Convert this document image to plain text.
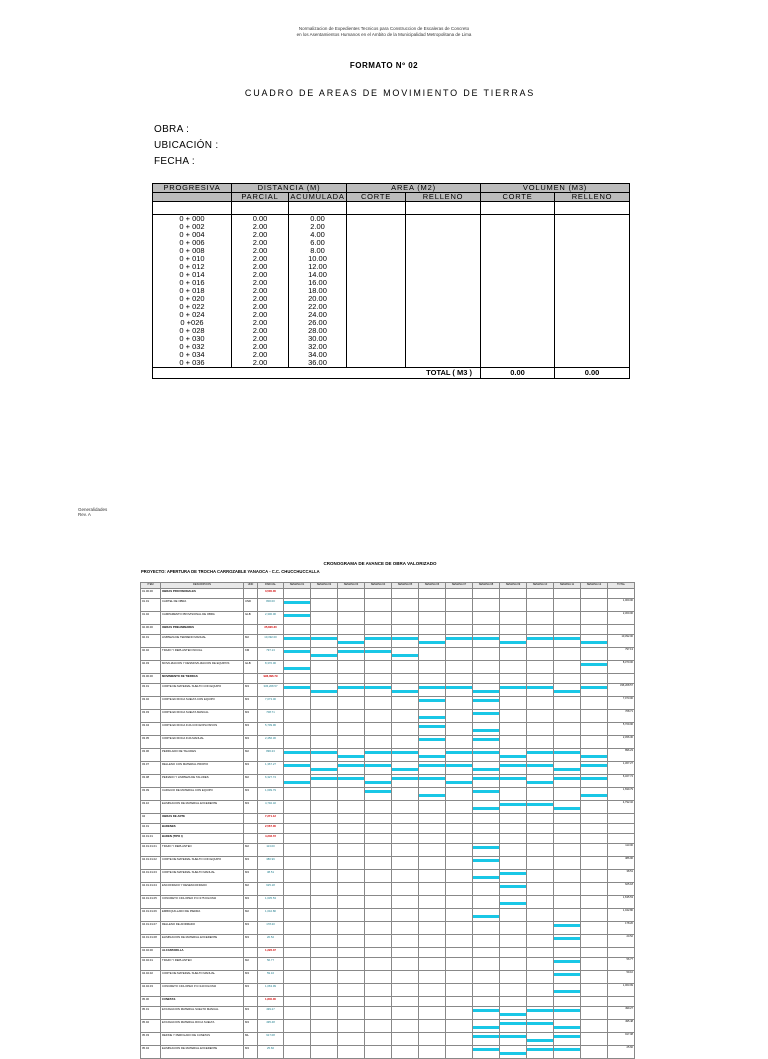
Normalizacion de Expedientes Tecnicos para Construccion de Escaleras de Concreto
en los Asentamientos Humanos en el Ambito de la Municipalidad Metropolitana de Lima
FORMATO Nº 02
CUADRO DE AREAS DE MOVIMIENTO DE TIERRAS
OBRA :
UBICACIÓN :
FECHA :
PROGRESIVA	DISTANCIA (M)		AREA (M2)		VOLUMEN (M3)	
	PARCIAL	ACUMULADA	CORTE	RELLENO	CORTE	RELLENO

0 + 000	0.00	0.00				
0 + 002	2.00	2.00				
0 + 004	2.00	4.00				
0 + 006	2.00	6.00				
0 + 008	2.00	8.00				
0 + 010	2.00	10.00				
0 + 012	2.00	12.00				
0 + 014	2.00	14.00				
0 + 016	2.00	16.00				
0 + 018	2.00	18.00				
0 + 020	2.00	20.00				
0 + 022	2.00	22.00				
0 + 024	2.00	24.00				
0 +026	2.00	26.00				
0 + 028	2.00	28.00				
0 + 030	2.00	30.00				
0 + 032	2.00	32.00				
0 + 034	2.00	34.00				
0 + 036	2.00	36.00				
TOTAL ( M3 )					0.00	0.00
Generalidades
Rev. A
CRONOGRAMA DE AVANCE DE OBRA VALORIZADO
PROYECTO: APERTURA DE TROCHA CARROZABLE YANAOCA - C.C. CHUCCHUCCALLA
ITEM	DESCRIPCION	UND	PARCIAL	SEMANA 01	SEMANA 02	SEMANA 03	SEMANA 04	SEMANA 05	SEMANA 06	SEMANA 07	SEMANA 08	SEMANA 09	SEMANA 10	SEMANA 11	SEMANA 12	TOTAL
01.00.00	OBRAS PROVISIONALES		3,500.00													
01.01	CARTEL DE OBRA	UND	800.00													1,000.00
01.02	CAMPAMENTO PROVISIONAL DE OBRA	GLB	2,300.00													2,300.00
02.00.00	OBRAS PRELIMINARES		35,820.30													
02.01	LIMPIEZA DE TERRENO MANUAL	M2	10,392.00													10,392.00
02.02	TRAZO Y REPLANTEO INICIAL	KM	797.13													797.13
02.03	MOVILIZACION Y DESMOVILIZACION DE EQUIPOS	GLB	8,370.00													8,370.00
03.00.00	MOVIMIENTO DE TIERRAS		996,096.79													
03.01	CORTE DE MATERIAL SUELTO CON EQUIPO	M3	336,208.57													336,208.57
03.02	CORTE EN ROCA SUELTA CON EQUIPO	M3	7,073.00													7,073.00
03.03	CORTE EN ROCA SUELTA MANUAL	M3	708.71													708.71
03.04	CORTE EN ROCA FIJA CON EXPLOSIVOS	M3	5,709.96													5,709.96
03.05	CORTE EN ROCA FIJA MANUAL	M3	2,456.30													2,456.30
03.06	PERFILADO DE TALUDES	M2	896.23													896.23
03.07	RELLENO CON MATERIAL PROPIO	M3	1,367.27													1,367.27
03.08	PEINADO Y LIMPIEZA DE TALUDES	M2	6,327.74													6,327.74
03.09	CARGUIO DE MATERIAL CON EQUIPO	M3	1,699.79													1,699.79
03.10	ELIMINACION DE MATERIAL EXCEDENTE	M3	4,792.32													4,792.32
04	OBRAS DE ARTE		7,271.12													
04.01	BADENES		2,567.00													
04.01.01	BADEN (TIPO I)		4,246.72													
04.01.01.01	TRAZO Y REPLANTEO	M2	113.00													113.00
04.01.01.02	CORTE DE MATERIAL SUELTO CON EQUIPO	M3	386.96													386.96
04.01.01.03	CORTE DE MATERIAL SUELTO MANUAL	M3	38.51													38.51
04.01.01.04	ENCOFRADO Y DESENCOFRADO	M2	625.18													625.18
04.01.01.05	CONCRETO CICLOPEO F'C=175 KG/CM2	M3	1,635.53													1,635.53
04.01.01.06	EMBOQUILLADO DE PIEDRA	M2	1,042.80													1,042.80
04.01.01.07	RELLENO DE AFIRMADO	M3	178.20													178.20
04.01.01.08	ELIMINACION DE MATERIAL EXCEDENTE	M3	20.52													20.52
04.02.00	ALCANTARILLA		1,226.37													
04.02.01	TRAZO Y REPLANTEO	M2	56.77													56.77
04.02.02	CORTE DE MATERIAL SUELTO MANUAL	M3	59.10													59.10
04.02.03	CONCRETO CICLOPEO F'C=140 KG/CM2	M3	1,063.99													1,063.99
05.00	CUNETAS		1,840.00													
05.01	EXCAVACION MATERIAL SUELTO MANUAL	M3	499.27													499.27
05.02	EXCAVACION MATERIAL ROCA SUELTA	M3	495.48													495.48
05.03	REFINE Y PERFILADO DE CUNETAS	ML	917.08													917.08
05.04	ELIMINACION DE MATERIAL EXCEDENTE	M3	25.60													25.60
